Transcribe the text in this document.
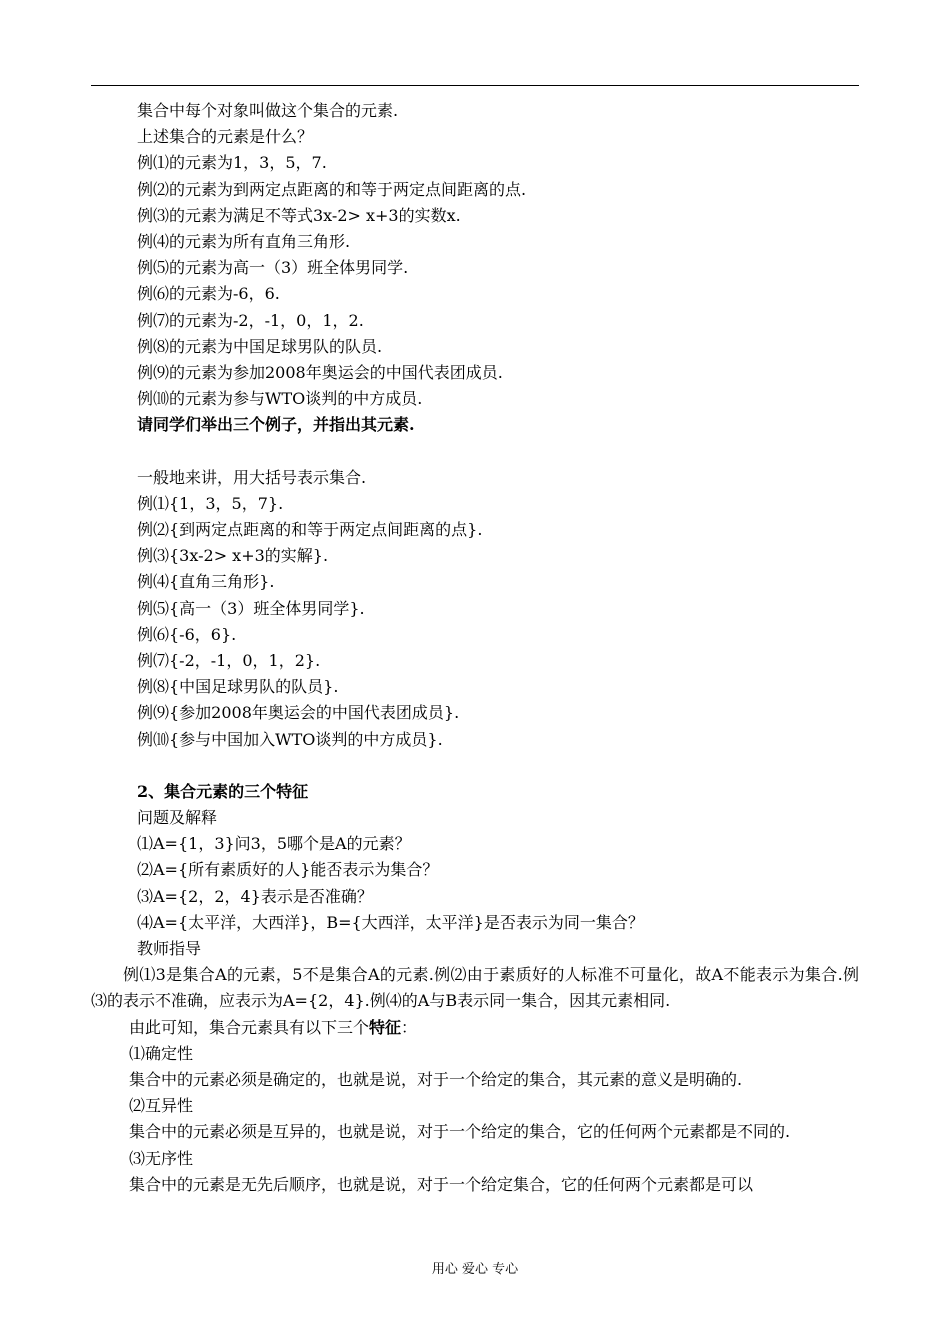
集合中每个对象叫做这个集合的元素.
上述集合的元素是什么？
例⑴的元素为1，3，5，7.
例⑵的元素为到两定点距离的和等于两定点间距离的点.
例⑶的元素为满足不等式3x-2> x+3的实数x.
例⑷的元素为所有直角三角形.
例⑸的元素为高一（3）班全体男同学.
例⑹的元素为-6，6.
例⑺的元素为-2，-1，0，1，2.
例⑻的元素为中国足球男队的队员.
例⑼的元素为参加2008年奥运会的中国代表团成员.
例⑽的元素为参与WTO谈判的中方成员.
请同学们举出三个例子，并指出其元素.
一般地来讲，用大括号表示集合.
例⑴{1，3，5，7}.
例⑵{到两定点距离的和等于两定点间距离的点}.
例⑶{3x-2> x+3的实解}.
例⑷{直角三角形}.
例⑸{高一（3）班全体男同学}.
例⑹{-6，6}.
例⑺{-2，-1，0，1，2}.
例⑻{中国足球男队的队员}.
例⑼{参加2008年奥运会的中国代表团成员}.
例⑽{参与中国加入WTO谈判的中方成员}.
2、集合元素的三个特征
问题及解释
⑴A={1，3}问3，5哪个是A的元素？
⑵A={所有素质好的人}能否表示为集合？
⑶A={2，2，4}表示是否准确？
⑷A={太平洋，大西洋}，B={大西洋，太平洋}是否表示为同一集合？
教师指导
例⑴3是集合A的元素，5不是集合A的元素.例⑵由于素质好的人标准不可量化，故A不能表示为集合.例⑶的表示不准确，应表示为A={2，4}.例⑷的A与B表示同一集合，因其元素相同.
由此可知，集合元素具有以下三个特征：
⑴确定性
集合中的元素必须是确定的，也就是说，对于一个给定的集合，其元素的意义是明确的.
⑵互异性
集合中的元素必须是互异的，也就是说，对于一个给定的集合，它的任何两个元素都是不同的.
⑶无序性
集合中的元素是无先后顺序，也就是说，对于一个给定集合，它的任何两个元素都是可以
用心 爱心 专心
